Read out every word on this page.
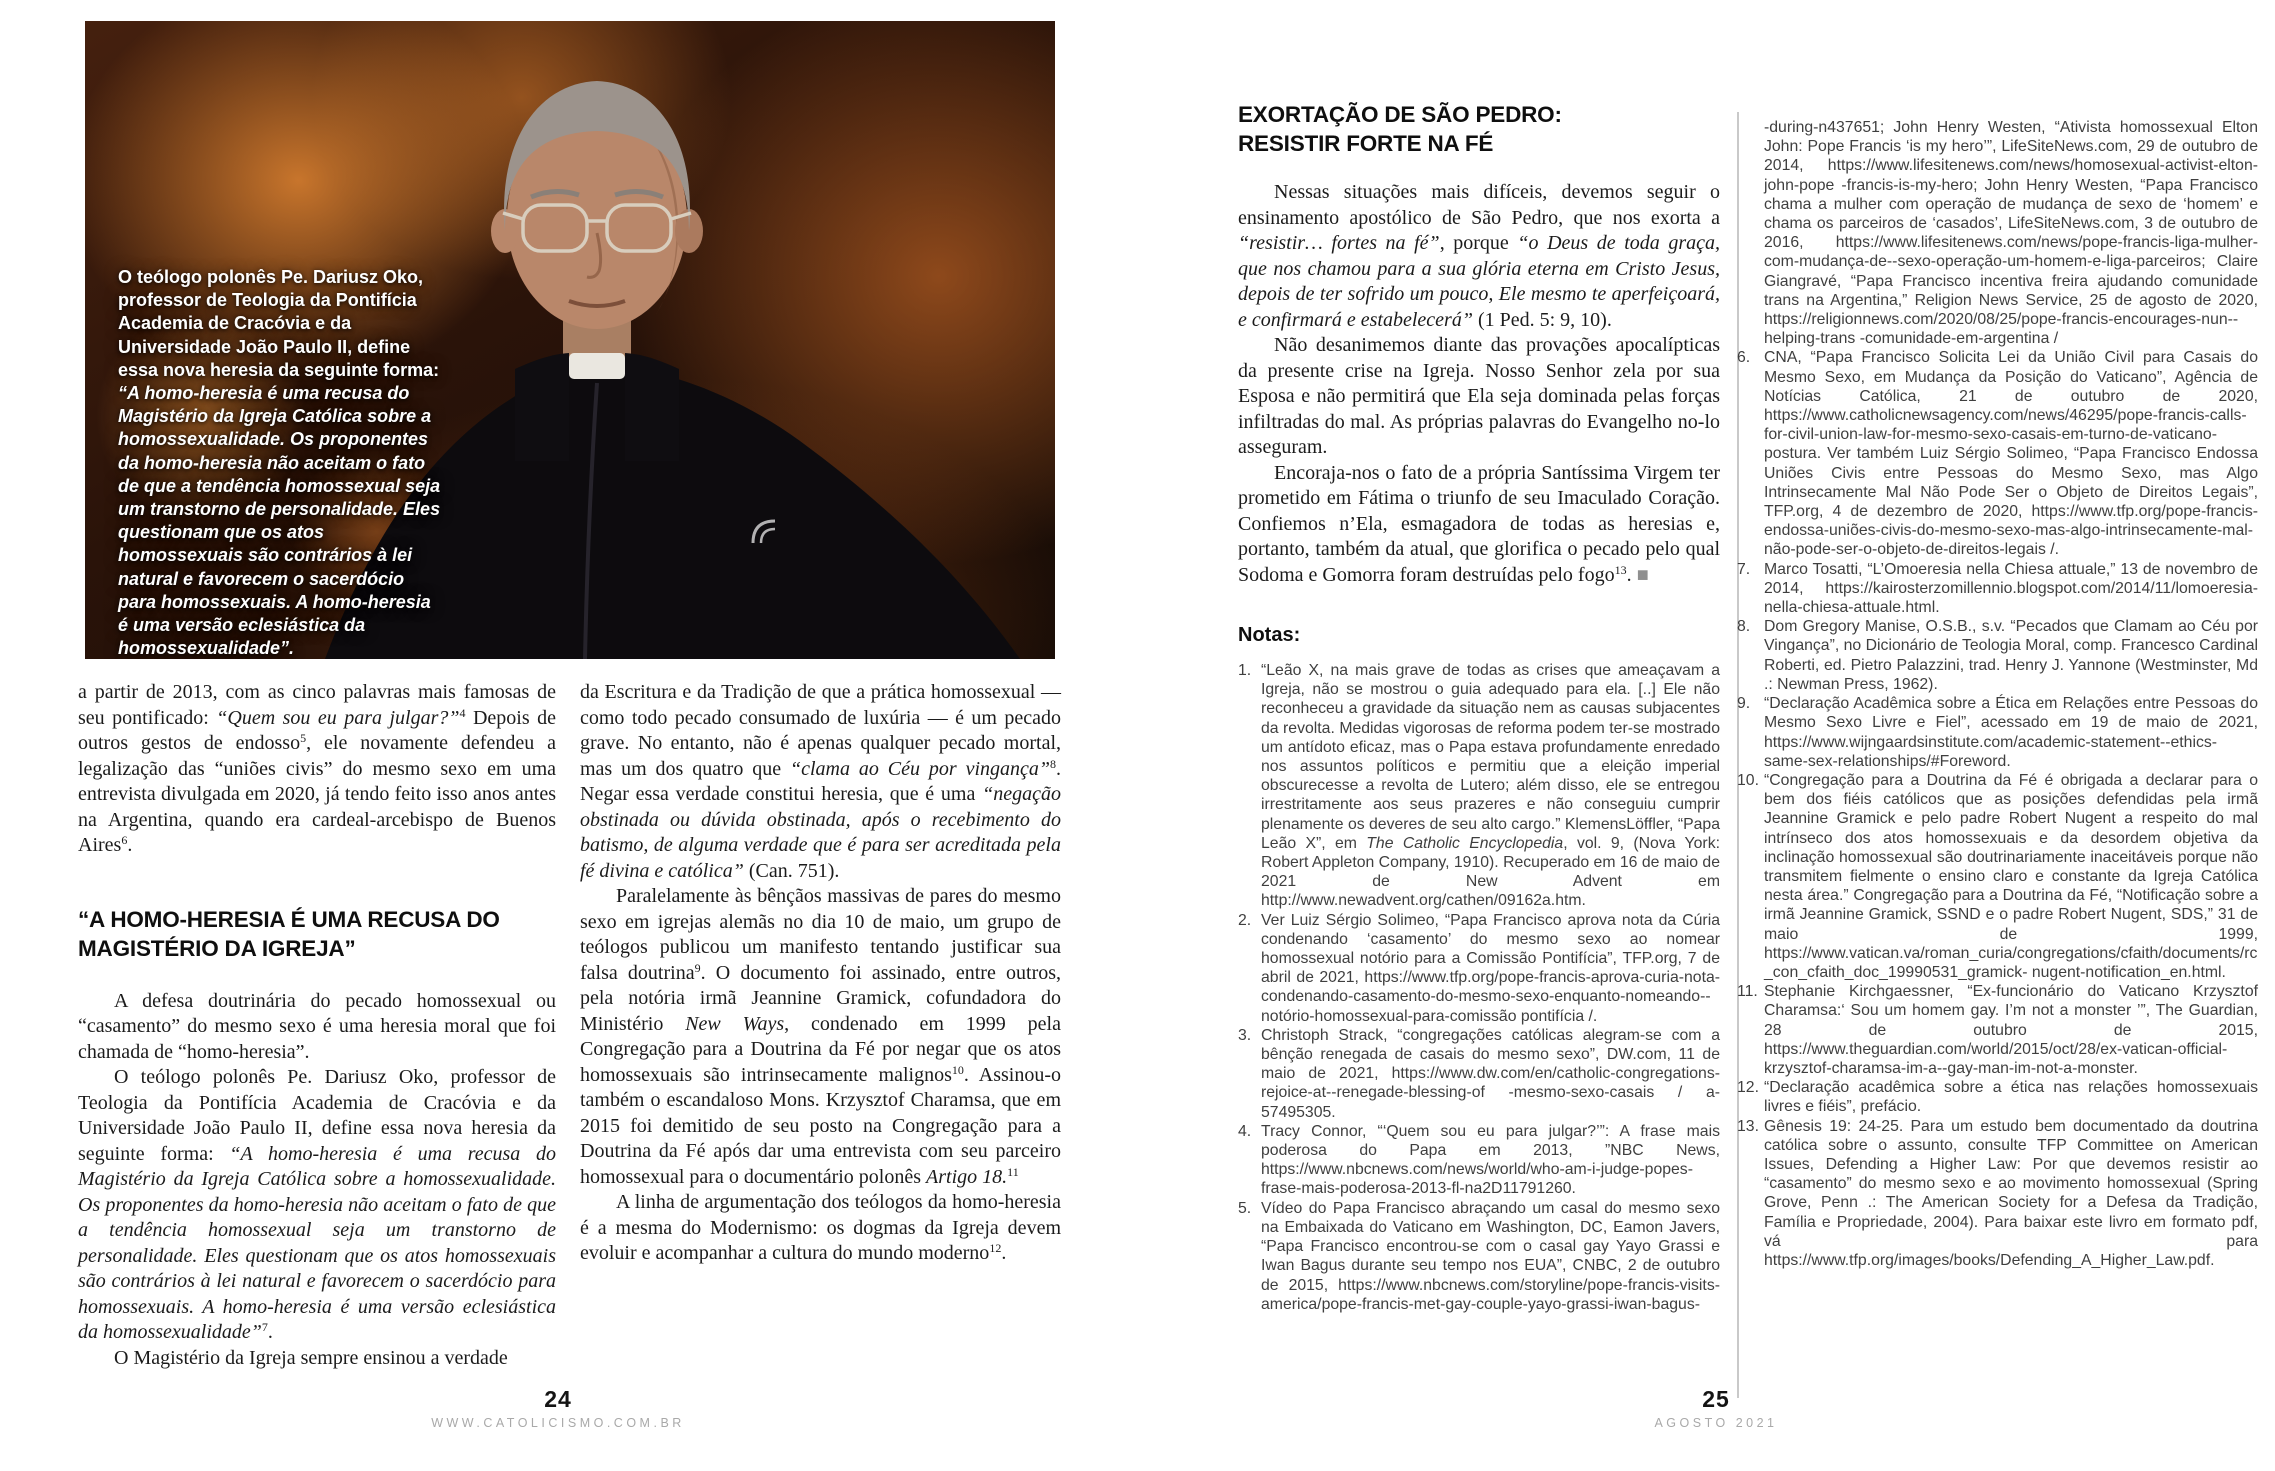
O teólogo polonês Pe. Dariusz Oko, professor de Teologia da Pontifícia Academia de Cracóvia e da Universidade João Paulo II, define essa nova heresia da seguinte forma:

“A homo-heresia é uma recusa do Magistério da Igreja Católica sobre a homossexualidade. Os proponentes da homo-heresia não aceitam o fato de que a tendência homossexual seja um transtorno de personalidade. Eles questionam que os atos homossexuais são contrários à lei natural e favorecem o sacerdócio para homossexuais. A homo-heresia é uma versão eclesiástica da homossexualidade”.

a partir de 2013, com as cinco palavras mais famosas de seu pontificado: “Quem sou eu para julgar?”$^4$ Depois de outros gestos de endosso$^5$, ele novamente defendeu a legalização das “uniões civis” do mesmo sexo em uma entrevista divulgada em 2020, já tendo feito isso anos antes na Argentina, quando era cardeal-arcebispo de Buenos Aires$^6$.

“A HOMO-HERESIA É UMA RECUSA DO MAGISTÉRIO DA IGREJA”

A defesa doutrinária do pecado homossexual ou “casamento” do mesmo sexo é uma heresia moral que foi chamada de “homo-heresia”.

O teólogo polonês Pe. Dariusz Oko, professor de Teologia da Pontifícia Academia de Cracóvia e da Universidade João Paulo II, define essa nova heresia da seguinte forma: “A homo-heresia é uma recusa do Magistério da Igreja Católica sobre a homossexualidade. Os proponentes da homo-heresia não aceitam o fato de que a tendência homossexual seja um transtorno de personalidade. Eles questionam que os atos homossexuais são contrários à lei natural e favorecem o sacerdócio para homossexuais. A homo-heresia é uma versão eclesiástica da homossexualidade”$^7$.

O Magistério da Igreja sempre ensinou a verdade

da Escritura e da Tradição de que a prática homossexual — como todo pecado consumado de luxúria — é um pecado grave. No entanto, não é apenas qualquer pecado mortal, mas um dos quatro que “clama ao Céu por vingança”$^8$. Negar essa verdade constitui heresia, que é uma “negação obstinada ou dúvida obstinada, após o recebimento do batismo, de alguma verdade que é para ser acreditada pela fé divina e católica” (Can. 751).

Paralelamente às bênçãos massivas de pares do mesmo sexo em igrejas alemãs no dia 10 de maio, um grupo de teólogos publicou um manifesto tentando justificar sua falsa doutrina$^9$. O documento foi assinado, entre outros, pela notória irmã Jeannine Gramick, cofundadora do Ministério New Ways, condenado em 1999 pela Congregação para a Doutrina da Fé por negar que os atos homossexuais são intrinsecamente malignos$^{10}$. Assinou-o também o escandaloso Mons. Krzysztof Charamsa, que em 2015 foi demitido de seu posto na Congregação para a Doutrina da Fé após dar uma entrevista com seu parceiro homossexual para o documentário polonês Artigo 18.11

A linha de argumentação dos teólogos da homo-heresia é a mesma do Modernismo: os dogmas da Igreja devem evoluir e acompanhar a cultura do mundo moderno$^{12}$.

24
WWW.CATOLICISMO.COM.BR
EXORTAÇÃO DE SÃO PEDRO:
RESISTIR FORTE NA FÉ

Nessas situações mais difíceis, devemos seguir o ensinamento apostólico de São Pedro, que nos exorta a “resistir… fortes na fé”, porque “o Deus de toda graça, que nos chamou para a sua glória eterna em Cristo Jesus, depois de ter sofrido um pouco, Ele mesmo te aperfeiçoará, e confirmará e estabelecerá” (1 Ped. 5: 9, 10).

Não desanimemos diante das provações apocalípticas da presente crise na Igreja. Nosso Senhor zela por sua Esposa e não permitirá que Ela seja dominada pelas forças infiltradas do mal. As próprias palavras do Evangelho no-lo asseguram.

Encoraja-nos o fato de a própria Santíssima Virgem ter prometido em Fátima o triunfo de seu Imaculado Coração. Confiemos n’Ela, esmagadora de todas as heresias e, portanto, também da atual, que glorifica o pecado pelo qual Sodoma e Gomorra foram destruídas pelo fogo$^{13}$. ■

Notas:
1. “Leão X, na mais grave de todas as crises que ameaçavam a Igreja, não se mostrou o guia adequado para ela. [..] Ele não reconheceu a gravidade da situação nem as causas subjacentes da revolta. Medidas vigorosas de reforma podem ter-se mostrado um antídoto eficaz, mas o Papa estava profundamente enredado nos assuntos políticos e permitiu que a eleição imperial obscurecesse a revolta de Lutero; além disso, ele se entregou irrestritamente aos seus prazeres e não conseguiu cumprir plenamente os deveres de seu alto cargo.” KlemensLöffler, “Papa Leão X”, em The Catholic Encyclopedia, vol. 9, (Nova York: Robert Appleton Company, 1910). Recuperado em 16 de maio de 2021 de New Advent em http://www.newadvent.org/cathen/09162a.htm.
2. Ver Luiz Sérgio Solimeo, “Papa Francisco aprova nota da Cúria condenando ‘casamento’ do mesmo sexo ao nomear homossexual notório para a Comissão Pontifícia”, TFP.org, 7 de abril de 2021, https://www.tfp.org/pope-francis-aprova-curia-nota-condenando-casamento-do-mesmo-sexo-enquanto-nomeando--notório-homossexual-para-comissão pontifícia /.
3. Christoph Strack, “congregações católicas alegram-se com a bênção renegada de casais do mesmo sexo”, DW.com, 11 de maio de 2021, https://www.dw.com/en/catholic-congregations-rejoice-at--renegade-blessing-of -mesmo-sexo-casais / a-57495305.
4. Tracy Connor, “‘Quem sou eu para julgar?’”: A frase mais poderosa do Papa em 2013, ”NBC News, https://www.nbcnews.com/news/world/who-am-i-judge-popes-frase-mais-poderosa-2013-fl-na2D11791260.
5. Vídeo do Papa Francisco abraçando um casal do mesmo sexo na Embaixada do Vaticano em Washington, DC, Eamon Javers, “Papa Francisco encontrou-se com o casal gay Yayo Grassi e Iwan Bagus durante seu tempo nos EUA”, CNBC, 2 de outubro de 2015, https://www.nbcnews.com/storyline/pope-francis-visits-america/pope-francis-met-gay-couple-yayo-grassi-iwan-bagus-

-during-n437651; John Henry Westen, “Ativista homossexual Elton John: Pope Francis ‘is my hero’”, LifeSiteNews.com, 29 de outubro de 2014, https://www.lifesitenews.com/news/homosexual-activist-elton-john-pope -francis-is-my-hero; John Henry Westen, “Papa Francisco chama a mulher com operação de mudança de sexo de ‘homem’ e chama os parceiros de ‘casados’, LifeSiteNews.com, 3 de outubro de 2016, https://www.lifesitenews.com/news/pope-francis-liga-mulher-com-mudança-de--sexo-operação-um-homem-e-liga-parceiros; Claire Giangravé, “Papa Francisco incentiva freira ajudando comunidade trans na Argentina,” Religion News Service, 25 de agosto de 2020, https://religionnews.com/2020/08/25/pope-francis-encourages-nun--helping-trans -comunidade-em-argentina /

6. CNA, “Papa Francisco Solicita Lei da União Civil para Casais do Mesmo Sexo, em Mudança da Posição do Vaticano”, Agência de Notícias Católica, 21 de outubro de 2020, https://www.catholicnewsagency.com/news/46295/pope-francis-calls-for-civil-union-law-for-mesmo-sexo-casais-em-turno-de-vaticano-postura. Ver também Luiz Sérgio Solimeo, “Papa Francisco Endossa Uniões Civis entre Pessoas do Mesmo Sexo, mas Algo Intrinsecamente Mal Não Pode Ser o Objeto de Direitos Legais”, TFP.org, 4 de dezembro de 2020, https://www.tfp.org/pope-francis-endossa-uniões-civis-do-mesmo-sexo-mas-algo-intrinsecamente-mal-não-pode-ser-o-objeto-de-direitos-legais /.
7. Marco Tosatti, “L’Omoeresia nella Chiesa attuale,” 13 de novembro de 2014, https://kairosterzomillennio.blogspot.com/2014/11/lomoeresia-nella-chiesa-attuale.html.
8. Dom Gregory Manise, O.S.B., s.v. “Pecados que Clamam ao Céu por Vingança”, no Dicionário de Teologia Moral, comp. Francesco Cardinal Roberti, ed. Pietro Palazzini, trad. Henry J. Yannone (Westminster, Md .: Newman Press, 1962).
9. “Declaração Acadêmica sobre a Ética em Relações entre Pessoas do Mesmo Sexo Livre e Fiel”, acessado em 19 de maio de 2021, https://www.wijngaardsinstitute.com/academic-statement--ethics-same-sex-relationships/#Foreword.
10. “Congregação para a Doutrina da Fé é obrigada a declarar para o bem dos fiéis católicos que as posições defendidas pela irmã Jeannine Gramick e pelo padre Robert Nugent a respeito do mal intrínseco dos atos homossexuais e da desordem objetiva da inclinação homossexual são doutrinariamente inaceitáveis porque não transmitem fielmente o ensino claro e constante da Igreja Católica nesta área.” Congregação para a Doutrina da Fé, “Notificação sobre a irmã Jeannine Gramick, SSND e o padre Robert Nugent, SDS,” 31 de maio de 1999, https://www.vatican.va/roman_curia/congregations/cfaith/documents/rc_con_cfaith_doc_19990531_gramick- nugent-notification_en.html.
11. Stephanie Kirchgaessner, “Ex-funcionário do Vaticano Krzysztof Charamsa:‘ Sou um homem gay. I’m not a monster ’”, The Guardian, 28 de outubro de 2015, https://www.theguardian.com/world/2015/oct/28/ex-vatican-official-krzysztof-charamsa-im-a--gay-man-im-not-a-monster.
12. “Declaração acadêmica sobre a ética nas relações homossexuais livres e fiéis”, prefácio.
13. Gênesis 19: 24-25. Para um estudo bem documentado da doutrina católica sobre o assunto, consulte TFP Committee on American Issues, Defending a Higher Law: Por que devemos resistir ao “casamento” do mesmo sexo e ao movimento homossexual (Spring Grove, Penn .: The American Society for a Defesa da Tradição, Família e Propriedade, 2004). Para baixar este livro em formato pdf, vá para https://www.tfp.org/images/books/Defending_A_Higher_Law.pdf.
25
AGOSTO 2021
